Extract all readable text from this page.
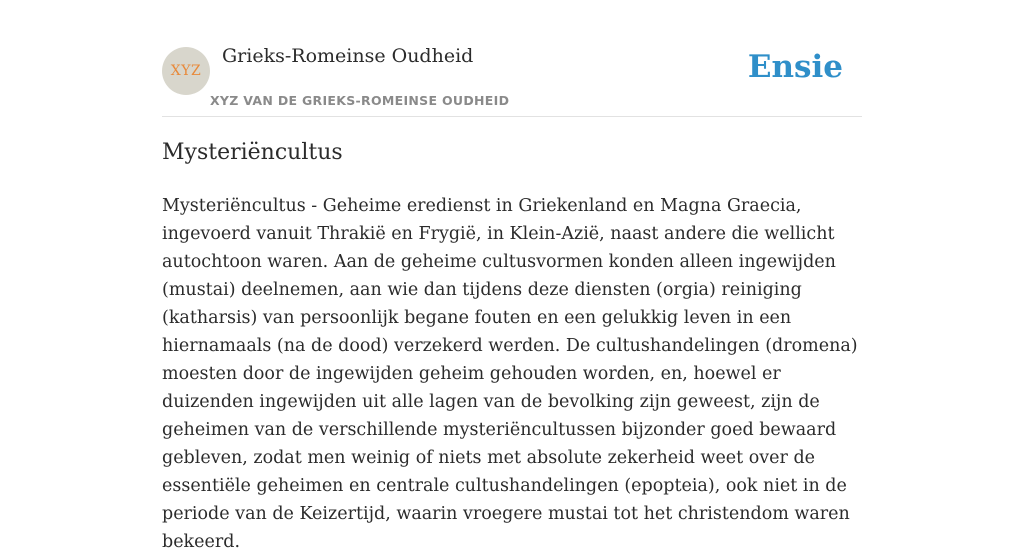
XYZ
Grieks-Romeinse Oudheid
XYZ VAN DE GRIEKS-ROMEINSE OUDHEID
Ensie
Mysteriëncultus

Mysteriëncultus - Geheime eredienst in Griekenland en Magna Graecia, ingevoerd vanuit Thrakië en Frygië, in Klein-Azië, naast andere die wellicht autochtoon waren. Aan de geheime cultusvormen konden alleen ingewijden (mustai) deelnemen, aan wie dan tijdens deze diensten (orgia) reiniging (katharsis) van persoonlijk begane fouten en een gelukkig leven in een hiernamaals (na de dood) verzekerd werden. De cultushandelingen (dromena) moesten door de ingewijden geheim gehouden worden, en, hoewel er duizenden ingewijden uit alle lagen van de bevolking zijn geweest, zijn de geheimen van de verschillende mysteriëncultussen bijzonder goed bewaard gebleven, zodat men weinig of niets met absolute zekerheid weet over de essentiële geheimen en centrale cultushandelingen (epopteia), ook niet in de periode van de Keizertijd, waarin vroegere mustai tot het christendom waren bekeerd.
